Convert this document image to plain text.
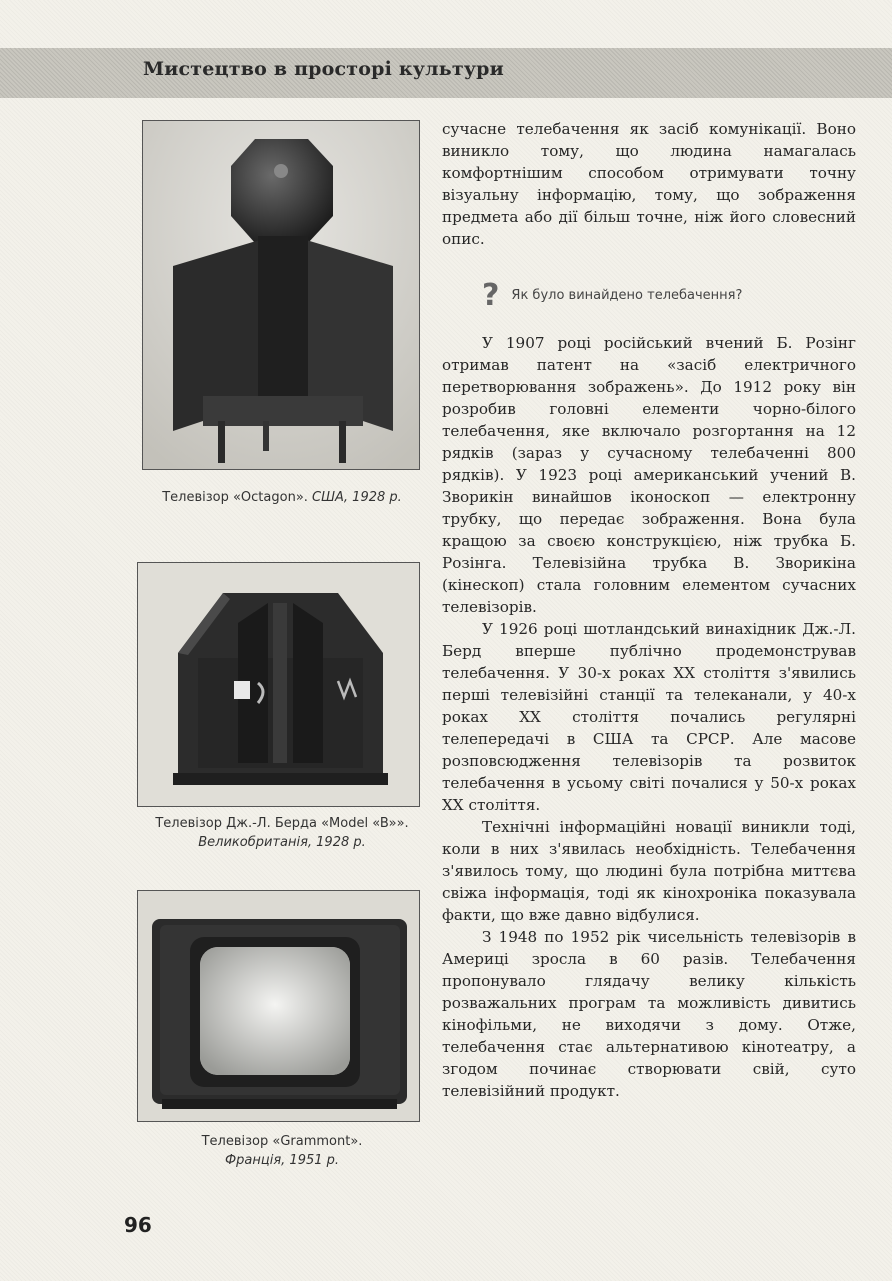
Мистецтво в просторі культури
Телевізор «Octagon». США, 1928 р.
Телевізор Дж.-Л. Берда «Model «B»».
Великобританія, 1928 р.
Телевізор «Grammont».
Франція, 1951 р.

сучасне телебачення як засіб комунікації. Воно виникло тому, що людина намагалась комфортнішим способом отримувати точну візуальну інформацію, тому, що зображення предмета або дії більш точне, ніж його словесний опис.

? Як було винайдено телебачення?

У 1907 році російський вчений Б. Розінг отримав патент на «засіб електричного перетворювання зображень». До 1912 року він розробив головні елементи чорно-білого телебачення, яке включало розгортання на 12 рядків (зараз у сучасному телебаченні 800 рядків). У 1923 році американський учений В. Зворикін винайшов іконоскоп — електронну трубку, що передає зображення. Вона була кращою за своєю конструкцією, ніж трубка Б. Розінга. Телевізійна трубка В. Зворикіна (кінескоп) стала головним елементом сучасних телевізорів.

У 1926 році шотландський винахідник Дж.-Л. Берд вперше публічно продемонстрував телебачення. У 30-х роках ХХ століття з'явились перші телевізійні станції та телеканали, у 40-х роках ХХ століття почались регулярні телепередачі в США та СРСР. Але масове розповсюдження телевізорів та розвиток телебачення в усьому світі почалися у 50-х роках ХХ століття.

Технічні інформаційні новації виникли тоді, коли в них з'явилась необхідність. Телебачення з'явилось тому, що людині була потрібна миттєва свіжа інформація, тоді як кінохроніка показувала факти, що вже давно відбулися.

З 1948 по 1952 рік чисельність телевізорів в Америці зросла в 60 разів. Телебачення пропонувало глядачу велику кількість розважальних програм та можливість дивитись кінофільми, не виходячи з дому. Отже, телебачення стає альтернативою кінотеатру, а згодом починає створювати свій, суто телевізійний продукт.

96
